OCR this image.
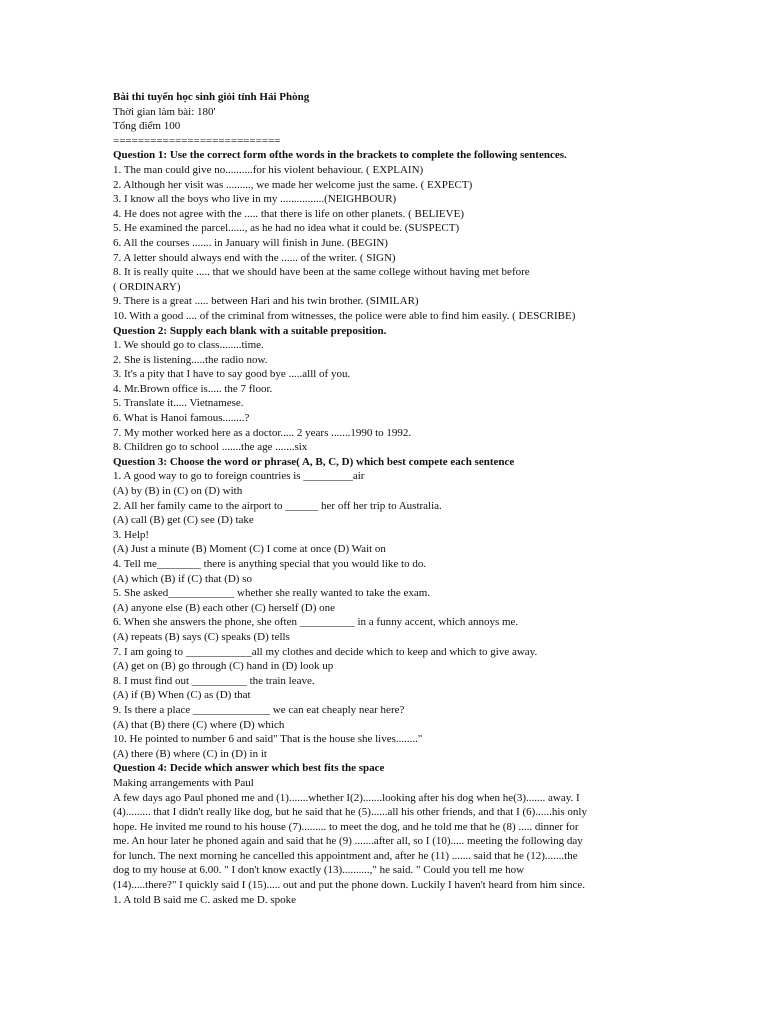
Bài thi tuyển học sinh giỏi tỉnh Hải Phòng
Thời gian làm bài: 180'
Tổng điểm 100
===========================
Question 1: Use the correct form ofthe words in the brackets to complete the following sentences.
1. The man could give no..........for his violent behaviour. ( EXPLAIN)
2. Although her visit was ........., we made her welcome just the same. ( EXPECT)
3. I know all the boys who live in my ................(NEIGHBOUR)
4. He does not agree with the ..... that there is life on other planets. ( BELIEVE)
5. He examined the parcel......, as he had no idea what it could be. (SUSPECT)
6. All the courses ....... in January will finish in June. (BEGIN)
7. A letter should always end with the ...... of the writer. ( SIGN)
8. It is really quite ..... that we should have been at the same college without having met before
( ORDINARY)
9. There is a great ..... between Hari and his twin brother. (SIMILAR)
10. With a good .... of the criminal from witnesses, the police were able to find him easily. ( DESCRIBE)
Question 2: Supply each blank with a suitable preposition.
1. We should go to class........time.
2. She is listening.....the radio now.
3. It's a pity that I have to say good bye .....alll of you.
4. Mr.Brown office is..... the 7 floor.
5. Translate it..... Vietnamese.
6. What is Hanoi famous........?
7. My mother worked here as a doctor..... 2 years .......1990 to 1992.
8. Children go to school .......the age .......six
Question 3: Choose the word or phrase( A, B, C, D) which best compete each sentence
1. A good way to go to foreign countries is _________air
(A) by (B) in (C) on (D) with
2. All her family came to the airport to ______ her off her trip to Australia.
(A) call (B) get (C) see (D) take
3. Help!
(A) Just a minute (B) Moment (C) I come at once (D) Wait on
4. Tell me________ there is anything special that you would like to do.
(A) which (B) if (C) that (D) so
5. She asked____________ whether she really wanted to take the exam.
(A) anyone else (B) each other (C) herself (D) one
6. When she answers the phone, she often __________ in a funny accent, which annoys me.
(A) repeats (B) says (C) speaks (D) tells
7. I am going to ____________all my clothes and decide which to keep and which to give away.
(A) get on (B) go through (C) hand in (D) look up
8. I must find out __________ the train leave.
(A) if (B) When (C) as (D) that
9. Is there a place ______________ we can eat cheaply near here?
(A) that (B) there (C) where (D) which
10. He pointed to number 6 and said" That is the house she lives........"
(A) there (B) where (C) in (D) in it
Question 4: Decide which answer which best fits the space
Making arrangements with Paul
A few days ago Paul phoned me and (1).......whether I(2).......looking after his dog when he(3)....... away. I
(4)......... that I didn't really like dog, but he said that he (5)......all his other friends, and that I (6)......his only
hope. He invited me round to his house (7)......... to meet the dog, and he told me that he (8) ..... dinner for
me. An hour later he phoned again and said that he (9) .......after all, so I (10)..... meeting the following day
for lunch. The next morning he cancelled this appointment and, after he (11) ....... said that he (12).......the
dog to my house at 6.00. " I don't know exactly (13)..........," he said. " Could you tell me how
(14).....there?" I quickly said I (15)..... out and put the phone down. Luckily I haven't heard from him since.
1. A told B said me C. asked me D. spoke
